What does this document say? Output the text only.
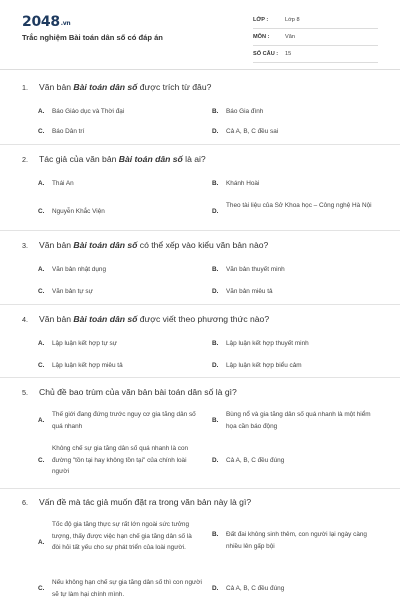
2048.vn
Trắc nghiệm Bài toán dân số có đáp án
LỚP :	Lớp 8
MÔN :	Văn
SỐ CÂU : 15
1. Văn bản Bài toán dân số được trích từ đâu?
A. Báo Giáo dục và Thời đại	B. Báo Gia đình
C. Báo Dân trí	D. Cả A, B, C đều sai
2. Tác giả của văn bản Bài toán dân số là ai?
A. Thái An	B. Khánh Hoài
C. Nguyễn Khắc Viện	D.
Theo tài liệu của Sở Khoa học – Công nghệ Hà Nội
3. Văn bản Bài toán dân số có thể xếp vào kiểu văn bản nào?
A. Văn bản nhật dụng	B. Văn bản thuyết minh
C. Văn bản tự sự	D. Văn bản miêu tả
4. Văn bản Bài toán dân số được viết theo phương thức nào?
A. Lập luận kết hợp tự sự	B. Lập luận kết hợp thuyết minh
C. Lập luận kết hợp miêu tả	D. Lập luận kết hợp biểu cảm
5. Chủ đề bao trùm của văn bản bài toán dân số là gì?
A.
Thế giới đang đứng trước nguy cơ gia tăng dân số quá nhanh
B.
Bùng nổ và gia tăng dân số quá nhanh là một hiểm họa cần báo động
C.
Không chế sự gia tăng dân số quá nhanh là con đường "tồn tại hay không tồn tại" của chính loài người
D. Cả A, B, C đều đúng
6. Vấn đề mà tác giả muốn đặt ra trong văn bản này là gì?
A.
Tốc độ gia tăng thực sự rất lớn ngoài sức tưởng tượng, thấy được việc hạn chế gia tăng dân số là đòi hỏi tất yếu cho sự phát triển của loài người.
B. Đất đai không sinh thêm, con người lại ngày càng nhiều lên gấp bội
C.
Nếu không hạn chế sự gia tăng dân số thì con người sẽ tự làm hại chính mình.
D. Cả A, B, C đều đúng
